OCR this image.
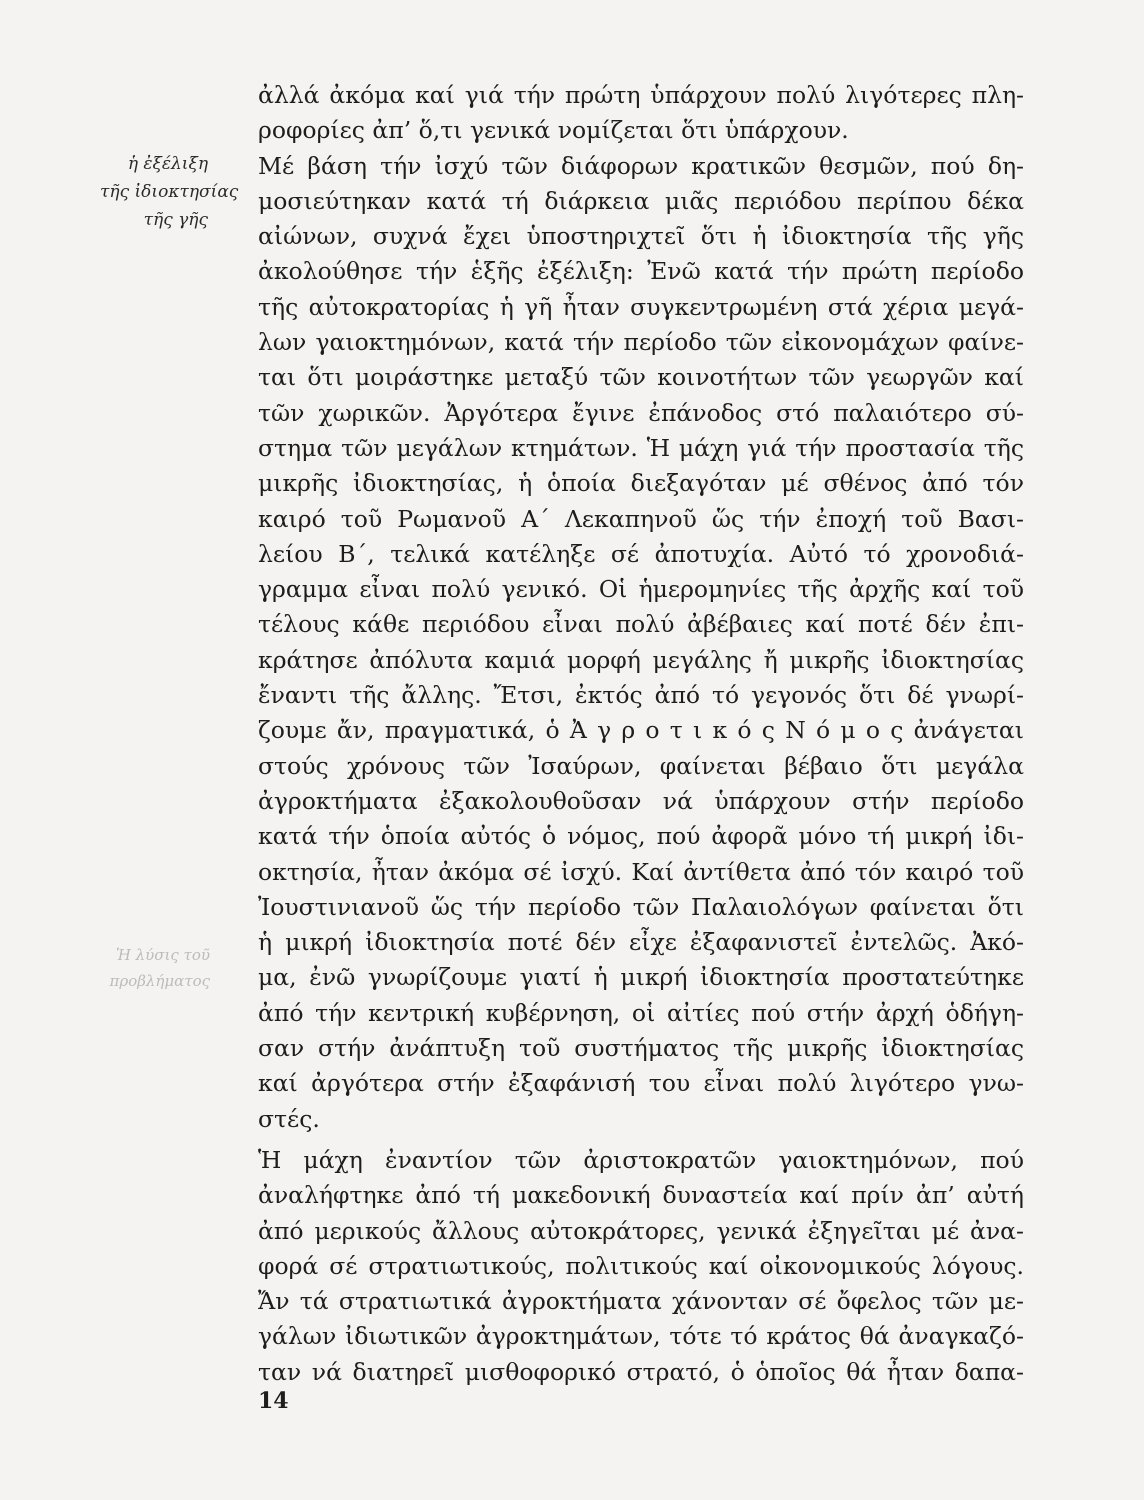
ἡ ἐξέλιξη
τῆς ἰδιοκτησίας
τῆς γῆς
Ἡ λύσις τοῦ
προβλήματος
ἀλλά ἀκόμα καί γιά τήν πρώτη ὑπάρχουν πολύ λιγότερες πλη-
ροφορίες ἀπ’ ὅ,τι γενικά νομίζεται ὅτι ὑπάρχουν.
Μέ βάση τήν ἰσχύ τῶν διάφορων κρατικῶν θεσμῶν, πού δη-
μοσιεύτηκαν κατά τή διάρκεια μιᾶς περιόδου περίπου δέκα
αἰώνων, συχνά ἔχει ὑποστηριχτεῖ ὅτι ἡ ἰδιοκτησία τῆς γῆς
ἀκολούθησε τήν ἑξῆς ἐξέλιξη: Ἐνῶ κατά τήν πρώτη περίοδο
τῆς αὐτοκρατορίας ἡ γῆ ἦταν συγκεντρωμένη στά χέρια μεγά-
λων γαιοκτημόνων, κατά τήν περίοδο τῶν εἰκονομάχων φαίνε-
ται ὅτι μοιράστηκε μεταξύ τῶν κοινοτήτων τῶν γεωργῶν καί
τῶν χωρικῶν. Ἀργότερα ἔγινε ἐπάνοδος στό παλαιότερο σύ-
στημα τῶν μεγάλων κτημάτων. Ἡ μάχη γιά τήν προστασία τῆς
μικρῆς ἰδιοκτησίας, ἡ ὁποία διεξαγόταν μέ σθένος ἀπό τόν
καιρό τοῦ Ρωμανοῦ Α΄ Λεκαπηνοῦ ὥς τήν ἐποχή τοῦ Βασι-
λείου Β΄, τελικά κατέληξε σέ ἀποτυχία. Αὐτό τό χρονοδιά-
γραμμα εἶναι πολύ γενικό. Οἱ ἡμερομηνίες τῆς ἀρχῆς καί τοῦ
τέλους κάθε περιόδου εἶναι πολύ ἀβέβαιες καί ποτέ δέν ἐπι-
κράτησε ἀπόλυτα καμιά μορφή μεγάλης ἤ μικρῆς ἰδιοκτησίας
ἔναντι τῆς ἄλλης. Ἔτσι, ἐκτός ἀπό τό γεγονός ὅτι δέ γνωρί-
ζουμε ἄν, πραγματικά, ὁ Ἀ γ ρ ο τ ι κ ό ς Ν ό μ ο ς ἀνάγεται
στούς χρόνους τῶν Ἰσαύρων, φαίνεται βέβαιο ὅτι μεγάλα
ἀγροκτήματα ἐξακολουθοῦσαν νά ὑπάρχουν στήν περίοδο
κατά τήν ὁποία αὐτός ὁ νόμος, πού ἀφορᾶ μόνο τή μικρή ἰδι-
οκτησία, ἦταν ἀκόμα σέ ἰσχύ. Καί ἀντίθετα ἀπό τόν καιρό τοῦ
Ἰουστινιανοῦ ὥς τήν περίοδο τῶν Παλαιολόγων φαίνεται ὅτι
ἡ μικρή ἰδιοκτησία ποτέ δέν εἶχε ἐξαφανιστεῖ ἐντελῶς. Ἀκό-
μα, ἐνῶ γνωρίζουμε γιατί ἡ μικρή ἰδιοκτησία προστατεύτηκε
ἀπό τήν κεντρική κυβέρνηση, οἱ αἰτίες πού στήν ἀρχή ὁδήγη-
σαν στήν ἀνάπτυξη τοῦ συστήματος τῆς μικρῆς ἰδιοκτησίας
καί ἀργότερα στήν ἐξαφάνισή του εἶναι πολύ λιγότερο γνω-
στές.
Ἡ μάχη ἐναντίον τῶν ἀριστοκρατῶν γαιοκτημόνων, πού
ἀναλήφτηκε ἀπό τή μακεδονική δυναστεία καί πρίν ἀπ’ αὐτή
ἀπό μερικούς ἄλλους αὐτοκράτορες, γενικά ἐξηγεῖται μέ ἀνα-
φορά σέ στρατιωτικούς, πολιτικούς καί οἰκονομικούς λόγους.
Ἄν τά στρατιωτικά ἀγροκτήματα χάνονταν σέ ὄφελος τῶν με-
γάλων ἰδιωτικῶν ἀγροκτημάτων, τότε τό κράτος θά ἀναγκαζό-
ταν νά διατηρεῖ μισθοφορικό στρατό, ὁ ὁποῖος θά ἦταν δαπα-
14
